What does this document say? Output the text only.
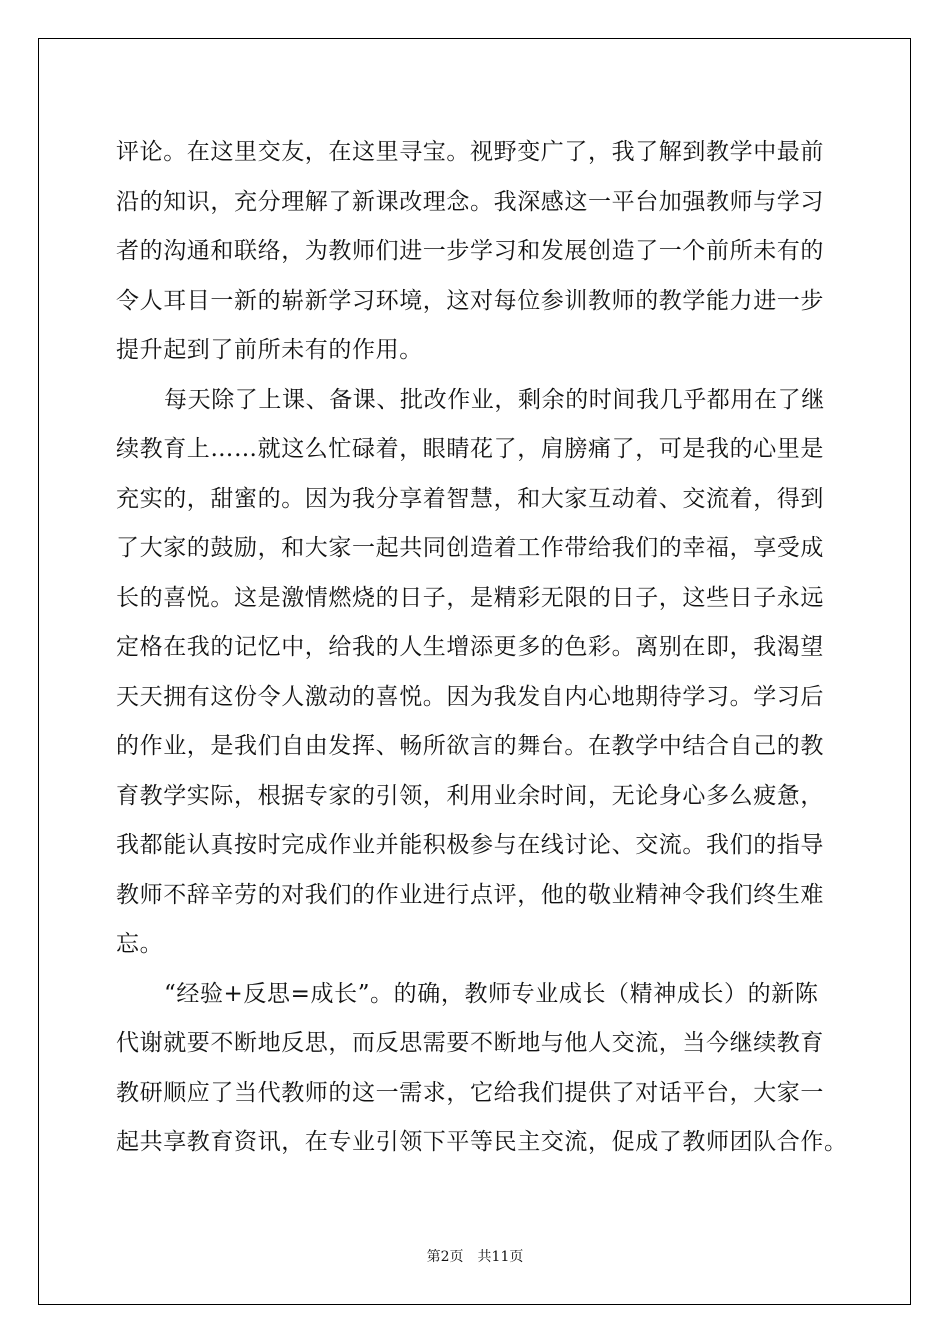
评论。在这里交友，在这里寻宝。视野变广了，我了解到教学中最前
沿的知识，充分理解了新课改理念。我深感这一平台加强教师与学习
者的沟通和联络，为教师们进一步学习和发展创造了一个前所未有的
令人耳目一新的崭新学习环境，这对每位参训教师的教学能力进一步
提升起到了前所未有的作用。

每天除了上课、备课、批改作业，剩余的时间我几乎都用在了继
续教育上……就这么忙碌着，眼睛花了，肩膀痛了，可是我的心里是
充实的，甜蜜的。因为我分享着智慧，和大家互动着、交流着，得到
了大家的鼓励，和大家一起共同创造着工作带给我们的幸福，享受成
长的喜悦。这是激情燃烧的日子，是精彩无限的日子，这些日子永远
定格在我的记忆中，给我的人生增添更多的色彩。离别在即，我渴望
天天拥有这份令人激动的喜悦。因为我发自内心地期待学习。学习后
的作业，是我们自由发挥、畅所欲言的舞台。在教学中结合自己的教
育教学实际，根据专家的引领，利用业余时间，无论身心多么疲惫，
我都能认真按时完成作业并能积极参与在线讨论、交流。我们的指导
教师不辞辛劳的对我们的作业进行点评，他的敬业精神令我们终生难
忘。

“经验+反思=成长”。的确，教师专业成长（精神成长）的新陈
代谢就要不断地反思，而反思需要不断地与他人交流，当今继续教育
教研顺应了当代教师的这一需求，它给我们提供了对话平台，大家一
起共享教育资讯，在专业引领下平等民主交流，促成了教师团队合作。

第2页 共11页
